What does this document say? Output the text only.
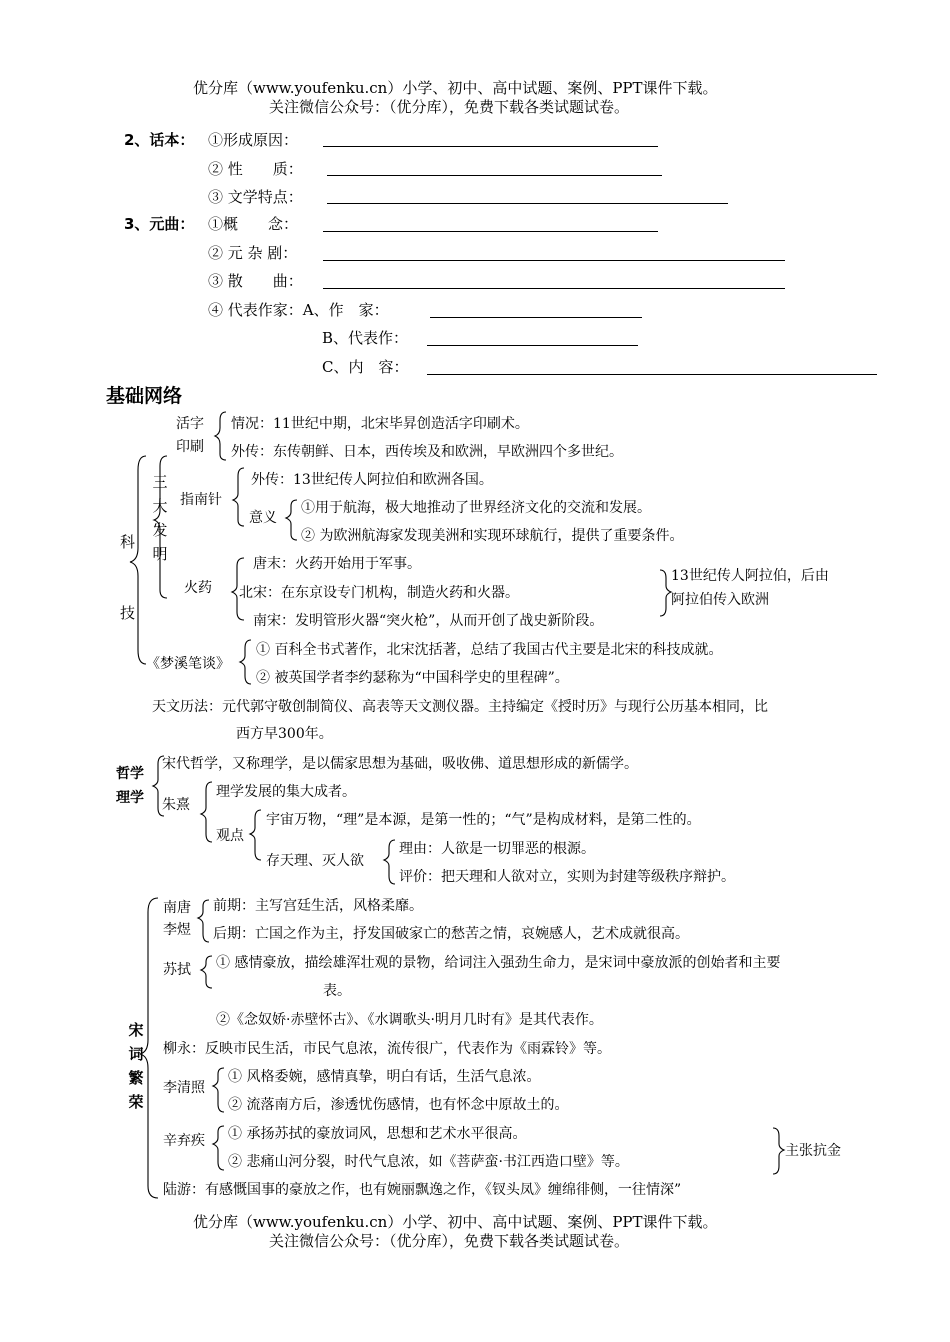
优分库（www.youfenku.cn）小学、初中、高中试题、案例、PPT课件下载。
关注微信公众号：（优分库），免费下载各类试题试卷。
2、话本： ①形成原因：
② 性　　质：
③ 文学特点：
3、元曲： ①概　　念：
② 元 杂 剧：
③ 散　　曲：
④ 代表作家：A、作　家：
B、代表作：
C、内　容：
基础网络
科
技
三大发明
活字
印刷
情况：11世纪中期，北宋毕昇创造活字印刷术。
外传：东传朝鲜、日本，西传埃及和欧洲，早欧洲四个多世纪。
指南针
外传：13世纪传人阿拉伯和欧洲各国。
意义
①用于航海，极大地推动了世界经济文化的交流和发展。
② 为欧洲航海家发现美洲和实现环球航行，提供了重要条件。
火药
唐末：火药开始用于军事。
北宋：在东京设专门机构，制造火药和火器。
南宋：发明管形火器“突火枪”，从而开创了战史新阶段。
13世纪传人阿拉伯，后由
阿拉伯传入欧洲
《梦溪笔谈》
① 百科全书式著作，北宋沈括著，总结了我国古代主要是北宋的科技成就。
② 被英国学者李约瑟称为“中国科学史的里程碑”。
天文历法：元代郭守敬创制简仪、高表等天文测仪器。主持编定《授时历》与现行公历基本相同，比
西方早300年。
哲学
理学
宋代哲学，又称理学，是以儒家思想为基础，吸收佛、道思想形成的新儒学。
朱熹
理学发展的集大成者。
观点
宇宙万物，“理”是本源，是第一性的；“气”是构成材料，是第二性的。
存天理、灭人欲
理由：人欲是一切罪恶的根源。
评价：把天理和人欲对立，实则为封建等级秩序辩护。
宋词繁荣
南唐
李煜
前期：主写宫廷生活，风格柔靡。
后期：亡国之作为主，抒发国破家亡的愁苦之情，哀婉感人，艺术成就很高。
苏拭 ① 感情豪放，描绘雄浑壮观的景物，给词注入强劲生命力，是宋词中豪放派的创始者和主要
表。
②《念奴娇·赤壁怀古》、《水调歌头·明月几时有》是其代表作。
柳永：反映市民生活，市民气息浓，流传很广，代表作为《雨霖铃》等。
李清照
① 风格委婉，感情真挚，明白有话，生活气息浓。
② 流落南方后，渗透忧伤感情，也有怀念中原故土的。
辛弃疾 ① 承扬苏拭的豪放词风，思想和艺术水平很高。
② 悲痛山河分裂，时代气息浓，如《菩萨蛮·书江西造口壁》等。
主张抗金
陆游：有感慨国事的豪放之作，也有婉丽飘逸之作，《钗头凤》缠绵徘侧，一往情深”
优分库（www.youfenku.cn）小学、初中、高中试题、案例、PPT课件下载。
关注微信公众号：（优分库），免费下载各类试题试卷。
